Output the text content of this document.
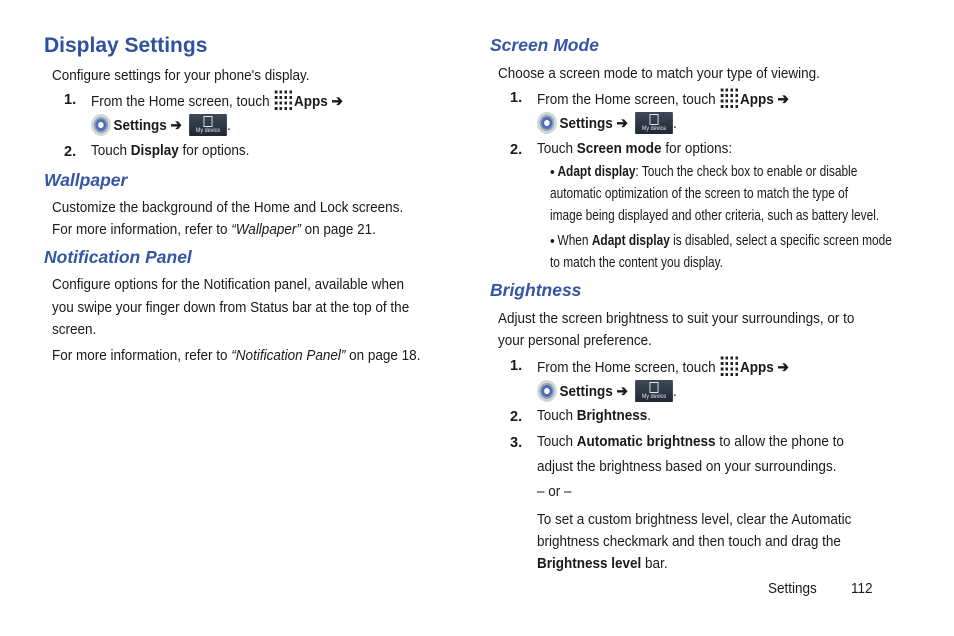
Display Settings
Configure settings for your phone's display.
1. From the Home screen, touch Apps ➔
Settings ➔	My device .
2. Touch Display for options.
Wallpaper
Customize the background of the Home and Lock screens.
For more information, refer to “Wallpaper” on page 21.
Notification Panel
Configure options for the Notification panel, available when
you swipe your finger down from Status bar at the top of the
screen.
For more information, refer to “Notification Panel” on page 18.
Screen Mode
Choose a screen mode to match your type of viewing.
1. From the Home screen, touch Apps ➔
Settings ➔	My device .
2. Touch Screen mode for options:
• Adapt display: Touch the check box to enable or disable
automatic optimization of the screen to match the type of
image being displayed and other criteria, such as battery level.
• When Adapt display is disabled, select a specific screen mode
to match the content you display.
Brightness
Adjust the screen brightness to suit your surroundings, or to
your personal preference.
1. From the Home screen, touch Apps ➔
Settings ➔	My device .
2. Touch Brightness.
3. Touch Automatic brightness to allow the phone to
adjust the brightness based on your surroundings.
– or –
To set a custom brightness level, clear the Automatic
brightness checkmark and then touch and drag the
Brightness level bar.
Settings 112
